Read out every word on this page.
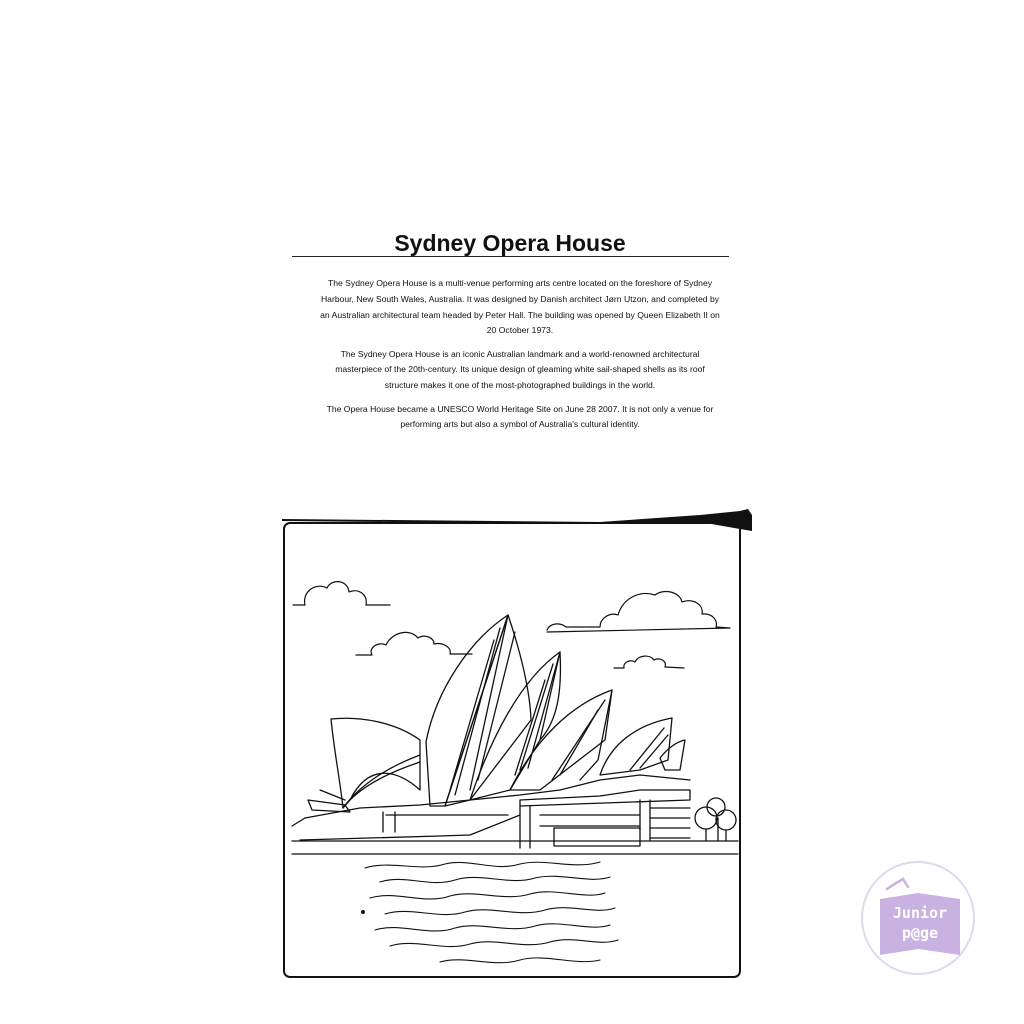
Sydney Opera House

The Sydney Opera House is a multi-venue performing arts centre located on the foreshore of Sydney Harbour, New South Wales, Australia. It was designed by Danish architect Jørn Utzon, and completed by an Australian architectural team headed by Peter Hall. The building was opened by Queen Elizabeth II on 20 October 1973.

The Sydney Opera House is an iconic Australian landmark and a world-renowned architectural masterpiece of the 20th-century. Its unique design of gleaming white sail-shaped shells as its roof structure makes it one of the most-photographed buildings in the world.

The Opera House became a UNESCO World Heritage Site on June 28 2007. It is not only a venue for performing arts but also a symbol of Australia's cultural identity.

Junior
p@ge
